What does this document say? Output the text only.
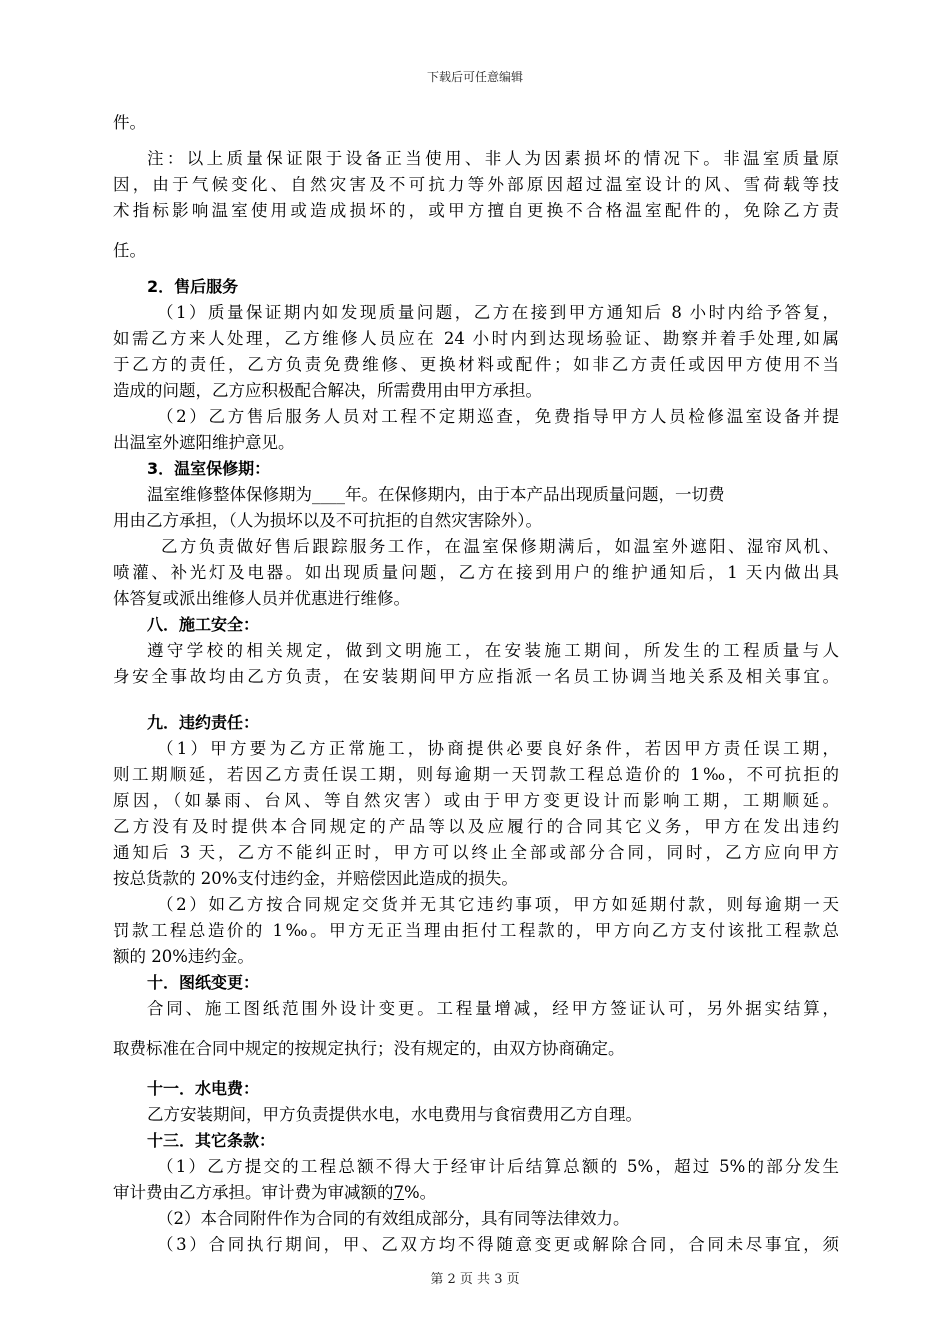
下载后可任意编辑
件。
注：以上质量保证限于设备正当使用、非人为因素损坏的情况下。非温室质量原
因，由于气候变化、自然灾害及不可抗力等外部原因超过温室设计的风、雪荷载等技
术指标影响温室使用或造成损坏的，或甲方擅自更换不合格温室配件的，免除乙方责
任。
2．售后服务
（1）质量保证期内如发现质量问题，乙方在接到甲方通知后 8 小时内给予答复，
如需乙方来人处理，乙方维修人员应在 24 小时内到达现场验证、勘察并着手处理,如属
于乙方的责任，乙方负责免费维修、更换材料或配件；如非乙方责任或因甲方使用不当
造成的问题，乙方应积极配合解决，所需费用由甲方承担。
（2）乙方售后服务人员对工程不定期巡查，免费指导甲方人员检修温室设备并提
出温室外遮阳维护意见。
3．温室保修期：
温室维修整体保修期为____年。在保修期内，由于本产品出现质量问题，一切费
用由乙方承担，（人为损坏以及不可抗拒的自然灾害除外）。
乙方负责做好售后跟踪服务工作，在温室保修期满后，如温室外遮阳、湿帘风机、
喷灌、补光灯及电器。如出现质量问题，乙方在接到用户的维护通知后，1 天内做出具
体答复或派出维修人员并优惠进行维修。
八．施工安全：
遵守学校的相关规定，做到文明施工，在安装施工期间，所发生的工程质量与人
身安全事故均由乙方负责，在安装期间甲方应指派一名员工协调当地关系及相关事宜。
九．违约责任：
（1）甲方要为乙方正常施工，协商提供必要良好条件，若因甲方责任误工期，
则工期顺延，若因乙方责任误工期，则每逾期一天罚款工程总造价的 1‰，不可抗拒的
原因，（如暴雨、台风、等自然灾害）或由于甲方变更设计而影响工期，工期顺延。
乙方没有及时提供本合同规定的产品等以及应履行的合同其它义务，甲方在发出违约
通知后 3 天，乙方不能纠正时，甲方可以终止全部或部分合同，同时，乙方应向甲方
按总货款的 20%支付违约金，并赔偿因此造成的损失。
（2）如乙方按合同规定交货并无其它违约事项，甲方如延期付款，则每逾期一天
罚款工程总造价的 1‰。甲方无正当理由拒付工程款的，甲方向乙方支付该批工程款总
额的 20%违约金。
十．图纸变更：
合同、施工图纸范围外设计变更。工程量增减，经甲方签证认可，另外据实结算，
取费标准在合同中规定的按规定执行；没有规定的，由双方协商确定。
十一．水电费：
乙方安装期间，甲方负责提供水电，水电费用与食宿费用乙方自理。
十三．其它条款：
（1）乙方提交的工程总额不得大于经审计后结算总额的 5%，超过 5%的部分发生
审计费由乙方承担。审计费为审减额的7%。
（2）本合同附件作为合同的有效组成部分，具有同等法律效力。
（3）合同执行期间，甲、乙双方均不得随意变更或解除合同，合同未尽事宜，须
第 2 页 共 3 页
